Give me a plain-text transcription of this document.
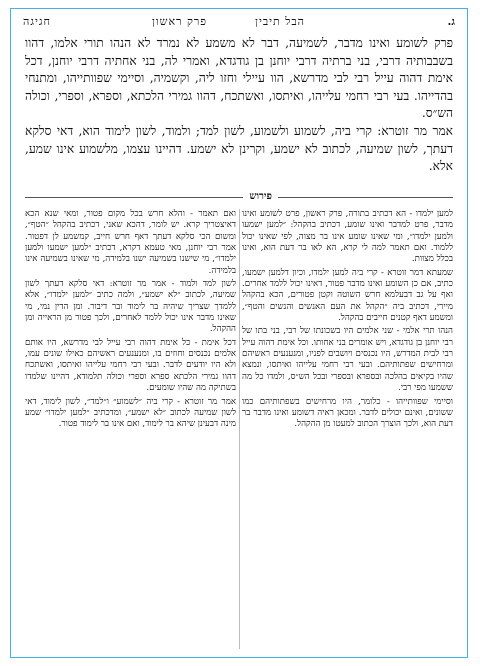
ג.
הבל תיבין
פרק ראשון
חגיגה

פרק לשומע ואינו מדבר, לשמיעה, דבר לא משמע לא נמרד לא הנהו תורי אלמו, דהוו בשבבותיה דרבי, בני ברתיה דרבי יוחנן בן גודגדא, ואמרי לה, בני אחתיה דרבי יוחנן, דכל אימת דהוה עייל רבי לבי מדרשא, הוו עיילי וחזו ליה, וקשמיה, וסיימי שפוותייהו, ומתנחי בהדייהו. בעי רבי רחמי עלייהו, ואיתסו, ואשתכח, דהוו גמירי הלכתא, וספרא, וספרי, וכולה הש״ס.

אמר מר זוטרא: קרי ביה, לשמוע ולשמוע, לשון למד; ולמוד, לשון לימוד הוא, דאי סלקא דעתך, לשון שמיעה, לכתוב לא ישמע, וקרינן לא ישמע. דהיינו עצמו, מלשמוע אינו שמע, אלא.

פירוש

למען ילמדו - הא דכתיב בתורה, פרק ראשון, פרט לשומע ואינו מדבר, פרט למדבר ואינו שומע, דכתיב בהקהל: ״למען ישמעו ולמען ילמדו״, ומי שאינו שומע אינו בר מצוה, לפי שאינו יכול ללמוד. ואם תאמר למה לי קרא, הא לאו בר דעת הוא, ואינו בכלל מצוות.

שמעתא דמר זוטרא - קרי ביה למען ילמדו, וכיון דלמען ישמעו, כתיב, אם כן השומע ואינו מדבר פטור, דאינו יכול ללמד אחרים. ואף על גב דבעלמא חרש השוטה וקטן פטורים, הכא בהקהל מיירי, דכתיב ביה ״הקהל את העם האנשים והנשים והטף״, ומשמע דאף קטנים חייבים בהקהל.

הנהו תרי אלמי - שני אלמים היו בשכונתו של רבי, בני בתו של רבי יוחנן בן גודגדא, ויש אומרים בני אחותו. וכל אימת דהוה עייל רבי לבית המדרש, היו נכנסים ויושבים לפניו, ומנענעים ראשיהם ומרחישים שפתותיהם. ובעי רבי רחמי עלייהו ואיתסו, ונמצא שהיו בקיאים בהלכה ובספרא ובספרי ובכל הש״ס, ולמדו כל מה ששמעו מפי רבי.

וסיימי שפוותייהו - כלומר, היו מרחישים בשפתותיהם כמו ששונים, ואינם יכולים לדבר. ומכאן ראיה דשומע ואינו מדבר בר דעת הוא, ולכך הוצרך הכתוב למעטו מן ההקהל.

ואם תאמר - והלא חרש בכל מקום פטור, ומאי שנא הכא דאיצטריך קרא. יש לומר, דהכא שאני, דכתיב בהקהל ״הטף״, ומשום הכי סלקא דעתך דאף חרש חייב, קמשמע לן דפטור. אמר רבי יוחנן, מאי טעמא דקרא, דכתיב ״למען ישמעו ולמען ילמדו״, מי שישנו בשמיעה ישנו בלמידה, מי שאינו בשמיעה אינו בלמידה.

לשון למד ולמוד - אמר מר זוטרא: דאי סלקא דעתך לשון שמיעה, לכתוב ״לא ישמע״, ולמה כתיב ״למען ילמדו״, אלא ללמדך שצריך שיהיה בר לימוד ובר דיבור. ומן הדין נמי, מי שאינו מדבר אינו יכול ללמד לאחרים, ולכך פטור מן הראייה ומן ההקהל.

דכל אימת - כל אימת דהוה רבי עייל לבי מדרשא, היו אותם אלמים נכנסים וחוזים בו, ומנענעים ראשיהם כאילו שונים עמו, ולא היו יודעים לדבר. ובעי רבי רחמי עלייהו ואיתסו, ואשתכח דהוו גמירי הלכתא ספרא וספרי וכולה תלמודא, דהיינו שלמדו בשתיקה מה שהיו שומעים.

אמר מר זוטרא - קרי ביה ״לשמוע״ ו״למד״, לשון לימוד, דאי לשון שמיעה לכתוב ״לא ישמע״, ומדכתיב ״למען ילמדו״ שמע מינה דבעינן שיהא בר לימוד, ואם אינו בר לימוד פטור.
